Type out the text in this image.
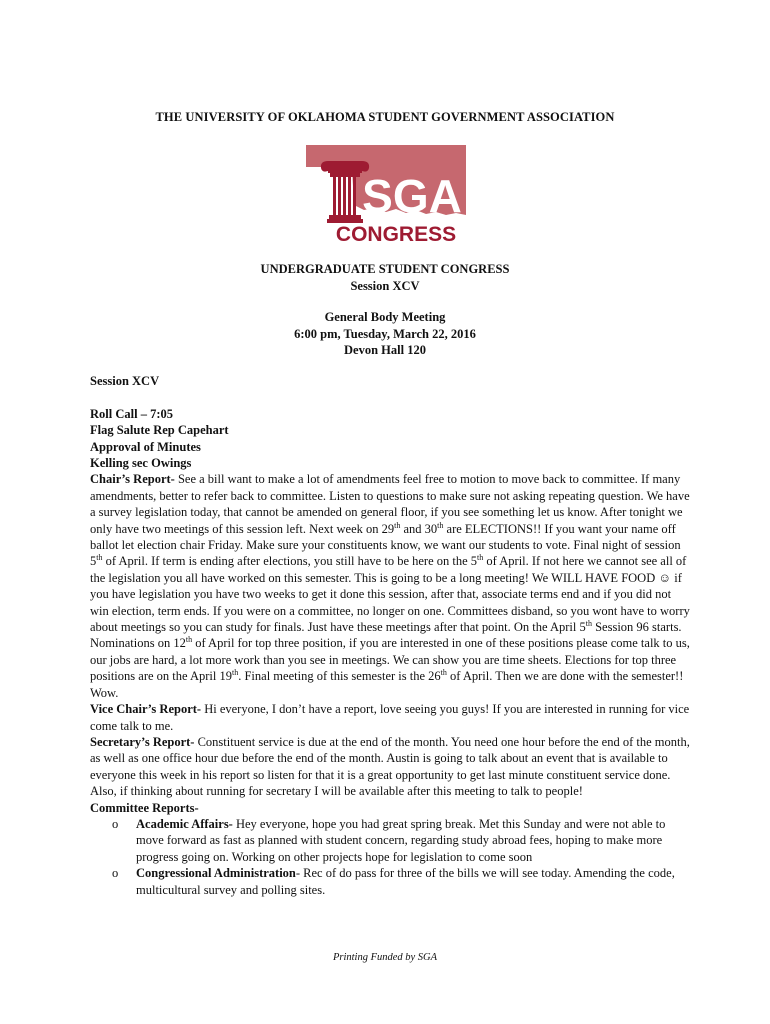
THE UNIVERSITY OF OKLAHOMA STUDENT GOVERNMENT ASSOCIATION
SGA
CONGRESS
UNDERGRADUATE STUDENT CONGRESS
Session XCV
General Body Meeting
6:00 pm, Tuesday, March 22, 2016
Devon Hall 120

Session XCV

Roll Call – 7:05

Flag Salute Rep Capehart

Approval of Minutes

Kelling sec Owings

Chair’s Report- See a bill want to make a lot of amendments feel free to motion to move back to committee. If many amendments, better to refer back to committee. Listen to questions to make sure not asking repeating question. We have a survey legislation today, that cannot be amended on general floor, if you see something let us know. After tonight we only have two meetings of this session left. Next week on 29th and 30th are ELECTIONS!! If you want your name off ballot let election chair Friday. Make sure your constituents know, we want our students to vote. Final night of session 5th of April. If term is ending after elections, you still have to be here on the 5th of April. If not here we cannot see all of the legislation you all have worked on this semester. This is going to be a long meeting! We WILL HAVE FOOD ☺ if you have legislation you have two weeks to get it done this session, after that, associate terms end and if you did not win election, term ends. If you were on a committee, no longer on one. Committees disband, so you wont have to worry about meetings so you can study for finals. Just have these meetings after that point. On the April 5th Session 96 starts. Nominations on 12th of April for top three position, if you are interested in one of these positions please come talk to us, our jobs are hard, a lot more work than you see in meetings. We can show you are time sheets. Elections for top three positions are on the April 19th. Final meeting of this semester is the 26th of April. Then we are done with the semester!! Wow.

Vice Chair’s Report- Hi everyone, I don’t have a report, love seeing you guys! If you are interested in running for vice come talk to me.

Secretary’s Report- Constituent service is due at the end of the month. You need one hour before the end of the month, as well as one office hour due before the end of the month. Austin is going to talk about an event that is available to everyone this week in his report so listen for that it is a great opportunity to get last minute constituent service done. Also, if thinking about running for secretary I will be available after this meeting to talk to people!

Committee Reports-

o Academic Affairs- Hey everyone, hope you had great spring break. Met this Sunday and were not able to move forward as fast as planned with student concern, regarding study abroad fees, hoping to make more progress going on. Working on other projects hope for legislation to come soon
o Congressional Administration- Rec of do pass for three of the bills we will see today. Amending the code, multicultural survey and polling sites.
Printing Funded by SGA
